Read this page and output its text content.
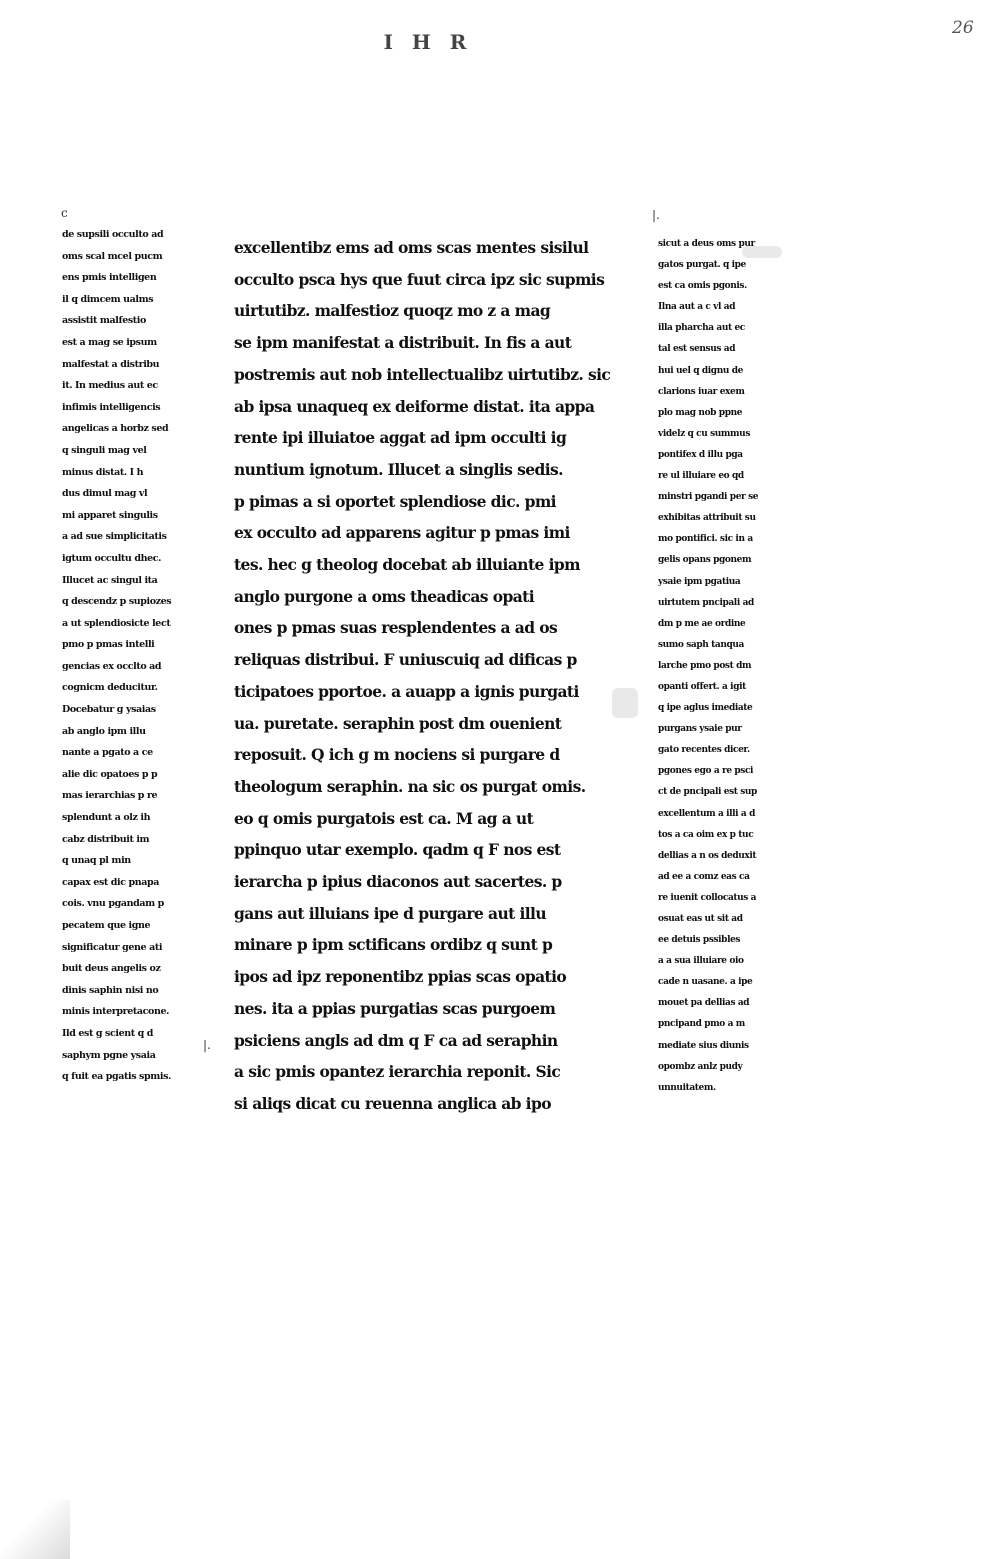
26
I H R
c
|.
|.
de supsili occulto ad
oms scal mcel pucm
ens pmis intelligen
il q dimcem ualms
assistit malfestio
est a mag se ipsum
malfestat a distribu
it. In medius aut ec
infimis intelligencis
angelicas a horbz sed
q singuli mag vel
minus distat. I h
dus dimul mag vl
mi apparet singulis
a ad sue simplicitatis
igtum occultu dhec.
Illucet ac singul ita
q descendz p supiozes
a ut splendiosicte lect
pmo p pmas intelli
gencias ex occlto ad
cognicm deducitur.
Docebatur g ysaias
ab anglo ipm illu
nante a pgato a ce
alie dic opatoes p p
mas ierarchias p re
splendunt a olz ih
cabz distribuit im
q unaq pl min
capax est dic pnapa
cois. vnu pgandam p
pecatem que igne
significatur gene ati
buit deus angelis oz
dinis saphin nisi no
minis interpretacone.
Ild est g scient q d
saphym pgne ysaia
q fuit ea pgatis spmis.
excellentibz ems ad oms scas mentes sisilul
occulto psca hys que fuut circa ipz sic supmis
uirtutibz. malfestioz quoqz mo z a mag
se ipm manifestat a distribuit. In fis a aut
postremis aut nob intellectualibz uirtutibz. sic
ab ipsa unaqueq ex deiforme distat. ita appa
rente ipi illuiatoe aggat ad ipm occulti ig
nuntium ignotum. Illucet a singlis sedis.
p pimas a si oportet splendiose dic. pmi
ex occulto ad apparens agitur p pmas imi
tes. hec g theolog docebat ab illuiante ipm
anglo purgone a oms theadicas opati
ones p pmas suas resplendentes a ad os
reliquas distribui. F uniuscuiq ad dificas p
ticipatoes pportoe. a auapp a ignis purgati
ua. puretate. seraphin post dm ouenient
reposuit. Q ich g m nociens si purgare d
theologum seraphin. na sic os purgat omis.
eo q omis purgatois est ca. M ag a ut
ppinquo utar exemplo. qadm q F nos est
ierarcha p ipius diaconos aut sacertes. p
gans aut illuians ipe d purgare aut illu
minare p ipm sctificans ordibz q sunt p
ipos ad ipz reponentibz ppias scas opatio
nes. ita a ppias purgatias scas purgoem
psiciens angls ad dm q F ca ad seraphin
a sic pmis opantez ierarchia reponit. Sic
si aliqs dicat cu reuenna anglica ab ipo
sicut a deus oms pur
gatos purgat. q ipe
est ca omis pgonis.
Ilna aut a c vl ad
illa pharcha aut ec
tal est sensus ad
hui uel q dignu de
clarions iuar exem
plo mag nob ppne
videlz q cu summus
pontifex d illu pga
re ul illuiare eo qd
minstri pgandi per se
exhibitas attribuit su
mo pontifici. sic in a
gelis opans pgonem
ysaie ipm pgatiua
uirtutem pncipali ad
dm p me ae ordine
sumo saph tanqua
larche pmo post dm
opanti offert. a igit
q ipe aglus imediate
purgans ysaie pur
gato recentes dicer.
pgones ego a re psci
ct de pncipali est sup
excellentum a illi a d
tos a ca oim ex p tuc
dellias a n os deduxit
ad ee a comz eas ca
re iuenit collocatus a
osuat eas ut sit ad
ee detuis pssibles
a a sua illuiare oio
cade n uasane. a ipe
mouet pa dellias ad
pncipand pmo a m
mediate sius diunis
opombz anlz pudy
unnuitatem.
